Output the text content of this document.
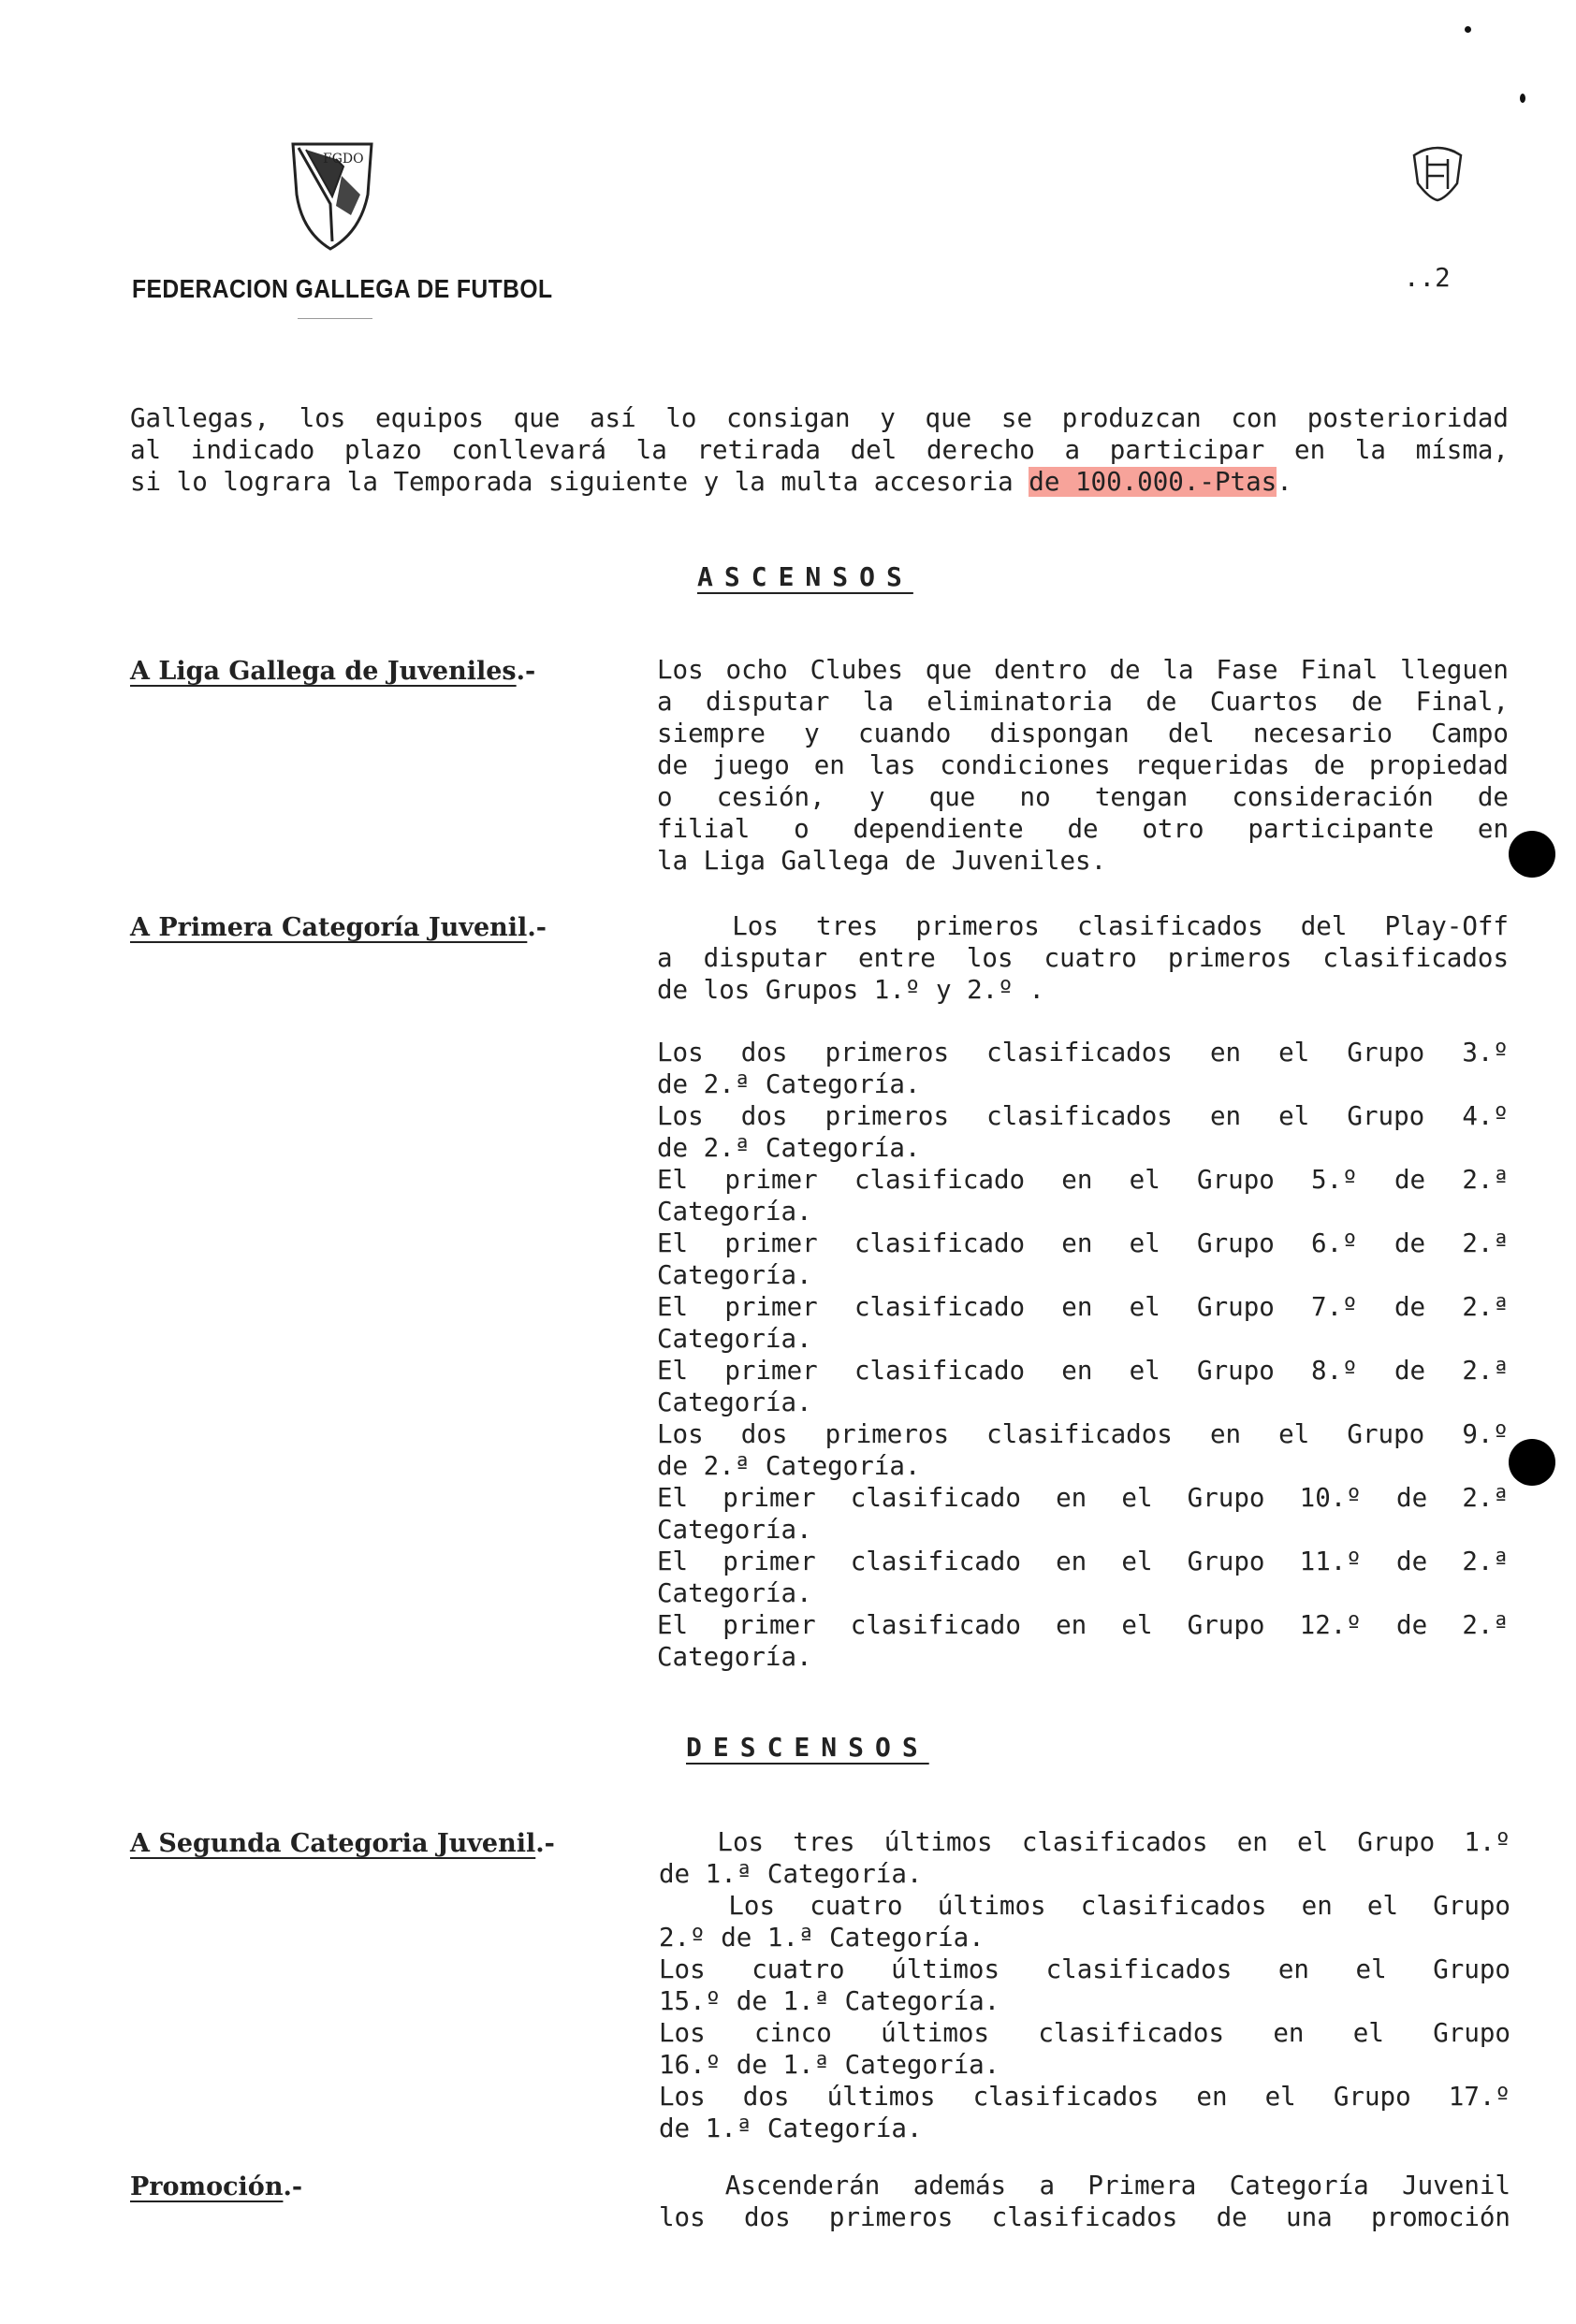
FGDO
FEDERACION GALLEGA DE FUTBOL	..2
Gallegas, los equipos que así lo consigan y que se produzcan con posterioridad
al indicado plazo conllevará la retirada del derecho a participar en la mísma,
si lo lograra la Temporada siguiente y la multa accesoria de 100.000.-Ptas.
ASCENSOS
A Liga Gallega de Juveniles.-	Los ocho Clubes que dentro de la Fase Final lleguen
a disputar la eliminatoria de Cuartos de Final,
siempre y cuando dispongan del necesario Campo
de juego en las condiciones requeridas de propiedad
o cesión, y que no tengan consideración de
filial o dependiente de otro participante en
la Liga Gallega de Juveniles.
A Primera Categoría Juvenil.-	Los tres primeros clasificados del Play-Off
a disputar entre los cuatro primeros clasificados
de los Grupos 1.º y 2.º .
Los dos primeros clasificados en el Grupo 3.º
de 2.ª Categoría.
Los dos primeros clasificados en el Grupo 4.º
de 2.ª Categoría.
El primer clasificado en el Grupo 5.º de 2.ª
Categoría.
El primer clasificado en el Grupo 6.º de 2.ª
Categoría.
El primer clasificado en el Grupo 7.º de 2.ª
Categoría.
El primer clasificado en el Grupo 8.º de 2.ª
Categoría.
Los dos primeros clasificados en el Grupo 9.º
de 2.ª Categoría.
El primer clasificado en el Grupo 10.º de 2.ª
Categoría.
El primer clasificado en el Grupo 11.º de 2.ª
Categoría.
El primer clasificado en el Grupo 12.º de 2.ª
Categoría.
DESCENSOS
A Segunda Categoria Juvenil.-	Los tres últimos clasificados en el Grupo 1.º
de 1.ª Categoría.
Los cuatro últimos clasificados en el Grupo
2.º de 1.ª Categoría.
Los cuatro últimos clasificados en el Grupo
15.º de 1.ª Categoría.
Los cinco últimos clasificados en el Grupo
16.º de 1.ª Categoría.
Los dos últimos clasificados en el Grupo 17.º
de 1.ª Categoría.
Promoción.-	Ascenderán además a Primera Categoría Juvenil
los dos primeros clasificados de una promoción
